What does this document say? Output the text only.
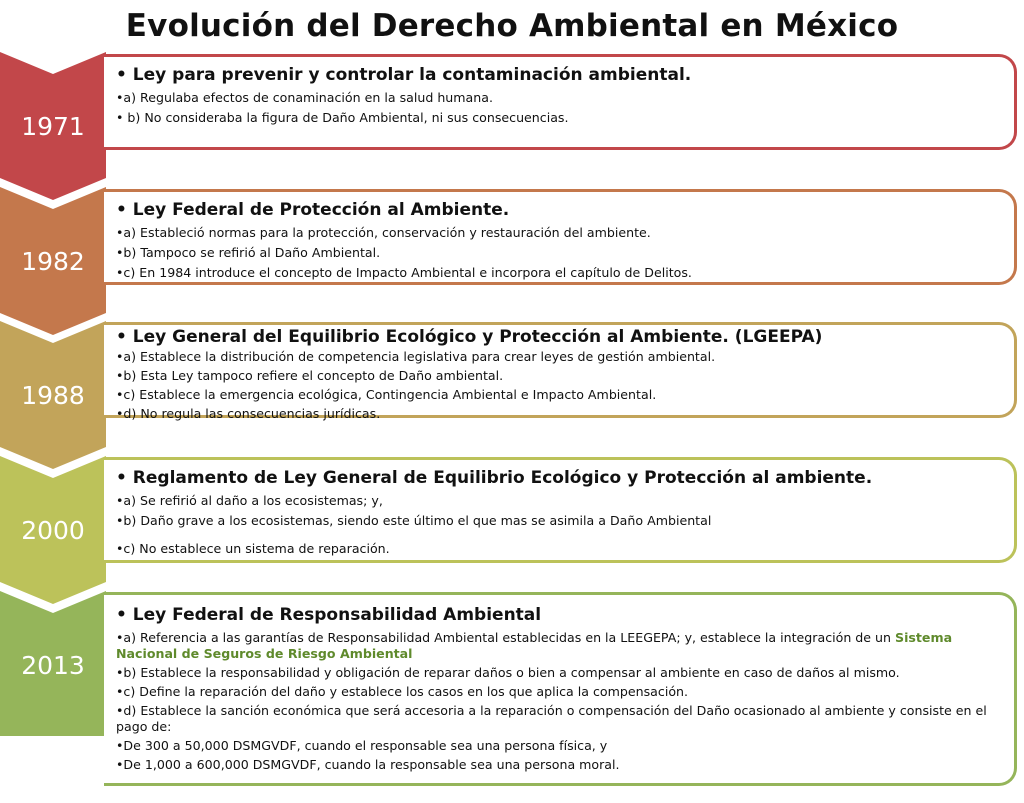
Evolución del Derecho Ambiental en México
1971
• Ley para prevenir y controlar la contaminación ambiental.
•a) Regulaba efectos de conaminación en la salud humana.
• b) No consideraba la figura de Daño Ambiental, ni sus consecuencias.
1982
• Ley Federal de Protección al Ambiente.
•a) Estableció normas para la protección, conservación y restauración del ambiente.
•b) Tampoco se refirió al Daño Ambiental.
•c) En 1984 introduce el concepto de Impacto Ambiental e incorpora el capítulo de Delitos.
1988
• Ley General del Equilibrio Ecológico y Protección al Ambiente. (LGEEPA)
•a) Establece la distribución de competencia legislativa para crear leyes de gestión ambiental.
•b) Esta Ley tampoco refiere el concepto de Daño ambiental.
•c) Establece la emergencia ecológica, Contingencia Ambiental e Impacto Ambiental.
•d) No regula las consecuencias jurídicas.
2000
• Reglamento de Ley General de Equilibrio Ecológico y Protección al ambiente.
•a) Se refirió al daño a los ecosistemas; y,
•b) Daño grave a los ecosistemas, siendo este último el que mas se asimila a Daño Ambiental
•c) No establece un sistema de reparación.
2013
• Ley Federal de Responsabilidad Ambiental
•a) Referencia a las garantías de Responsabilidad Ambiental establecidas en la LEEGEPA; y, establece la integración de un Sistema Nacional de Seguros de Riesgo Ambiental
•b) Establece la responsabilidad y obligación de reparar daños o bien a compensar al ambiente en caso de daños al mismo.
•c) Define la reparación del daño y establece los casos en los que aplica la compensación.
•d) Establece la sanción económica que será accesoria a la reparación o compensación del Daño ocasionado al ambiente y consiste en el pago de:
•De 300 a 50,000 DSMGVDF, cuando el responsable sea una persona física, y
•De 1,000 a 600,000 DSMGVDF, cuando la responsable sea una persona moral.
